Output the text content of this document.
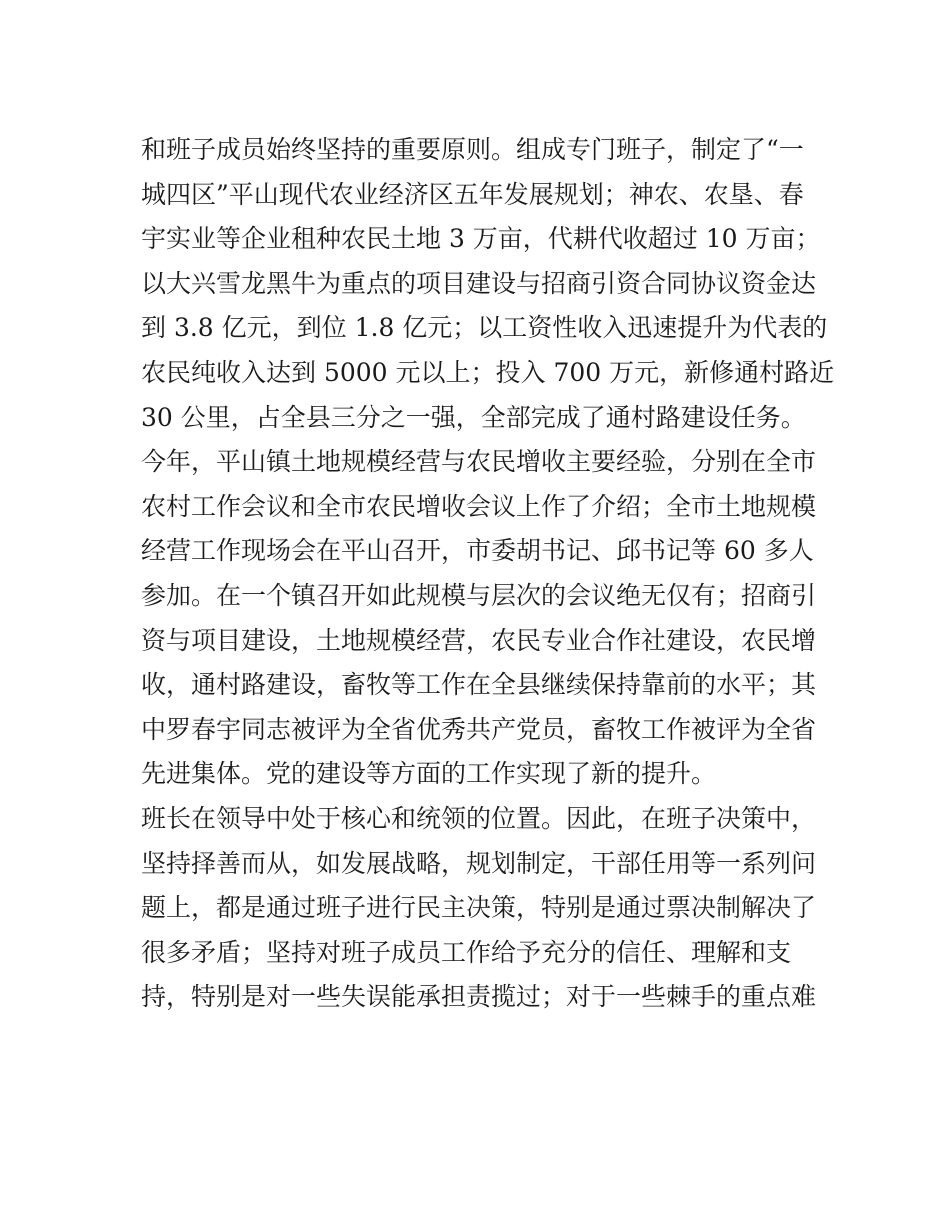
和班子成员始终坚持的重要原则。组成专门班子，制定了“一
城四区”平山现代农业经济区五年发展规划；神农、农垦、春
宇实业等企业租种农民土地 3 万亩，代耕代收超过 10 万亩；
以大兴雪龙黑牛为重点的项目建设与招商引资合同协议资金达
到 3.8 亿元，到位 1.8 亿元；以工资性收入迅速提升为代表的
农民纯收入达到 5000 元以上；投入 700 万元，新修通村路近
30 公里，占全县三分之一强，全部完成了通村路建设任务。
今年，平山镇土地规模经营与农民增收主要经验，分别在全市
农村工作会议和全市农民增收会议上作了介绍；全市土地规模
经营工作现场会在平山召开，市委胡书记、邱书记等 60 多人
参加。在一个镇召开如此规模与层次的会议绝无仅有；招商引
资与项目建设，土地规模经营，农民专业合作社建设，农民增
收，通村路建设，畜牧等工作在全县继续保持靠前的水平；其
中罗春宇同志被评为全省优秀共产党员，畜牧工作被评为全省
先进集体。党的建设等方面的工作实现了新的提升。
班长在领导中处于核心和统领的位置。因此，在班子决策中，
坚持择善而从，如发展战略，规划制定，干部任用等一系列问
题上，都是通过班子进行民主决策，特别是通过票决制解决了
很多矛盾；坚持对班子成员工作给予充分的信任、理解和支
持，特别是对一些失误能承担责揽过；对于一些棘手的重点难
